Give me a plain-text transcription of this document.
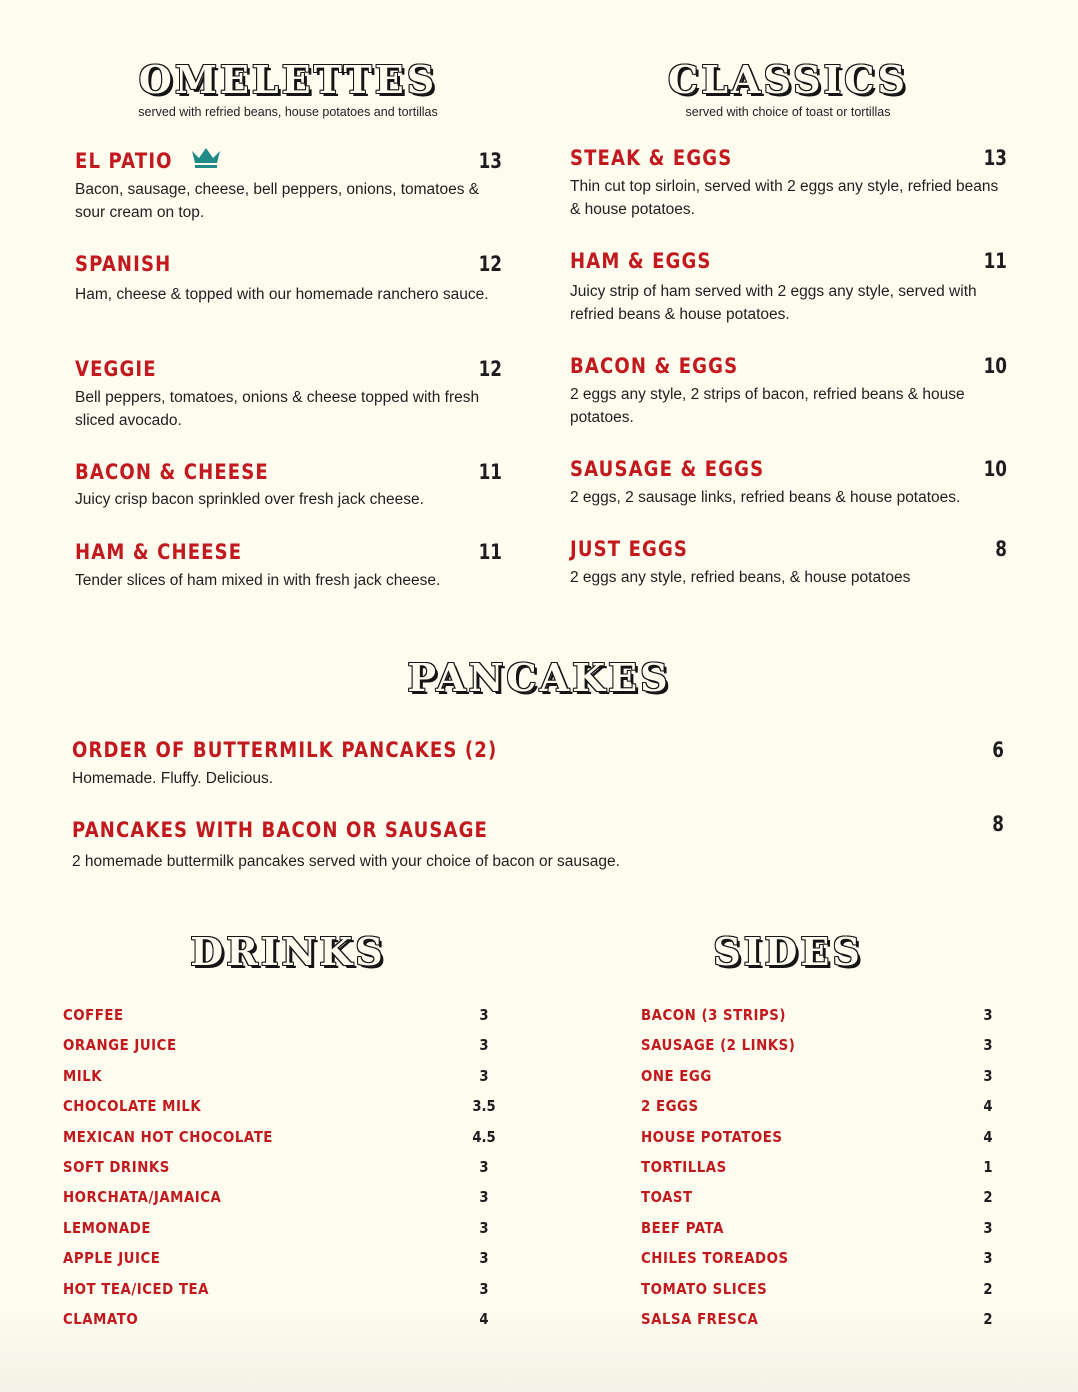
OMELETTES
served with refried beans, house potatoes and tortillas
EL PATIO	13
Bacon, sausage, cheese, bell peppers, onions, tomatoes & sour cream on top.
SPANISH	12
Ham, cheese & topped with our homemade ranchero sauce.
VEGGIE	12
Bell peppers, tomatoes, onions & cheese topped with fresh sliced avocado.
BACON & CHEESE	11
Juicy crisp bacon sprinkled over fresh jack cheese.
HAM & CHEESE	11
Tender slices of ham mixed in with fresh jack cheese.
CLASSICS
served with choice of toast or tortillas
STEAK & EGGS	13
Thin cut top sirloin, served with 2 eggs any style, refried beans & house potatoes.
HAM & EGGS	11
Juicy strip of ham served with 2 eggs any style, served with refried beans & house potatoes.
BACON & EGGS	10
2 eggs any style, 2 strips of bacon, refried beans & house potatoes.
SAUSAGE & EGGS	10
2 eggs, 2 sausage links, refried beans & house potatoes.
JUST EGGS	8
2 eggs any style, refried beans, & house potatoes
PANCAKES
ORDER OF BUTTERMILK PANCAKES (2)	6
Homemade. Fluffy. Delicious.
PANCAKES WITH BACON OR SAUSAGE	8
2 homemade buttermilk pancakes served with your choice of bacon or sausage.
DRINKS
COFFEE	3
ORANGE JUICE	3
MILK	3
CHOCOLATE MILK	3.5
MEXICAN HOT CHOCOLATE	4.5
SOFT DRINKS	3
HORCHATA/JAMAICA	3
LEMONADE	3
APPLE JUICE	3
HOT TEA/ICED TEA	3
CLAMATO	4
SIDES
BACON (3 STRIPS)	3
SAUSAGE (2 LINKS)	3
ONE EGG	3
2 EGGS	4
HOUSE POTATOES	4
TORTILLAS	1
TOAST	2
BEEF PATA	3
CHILES TOREADOS	3
TOMATO SLICES	2
SALSA FRESCA	2
